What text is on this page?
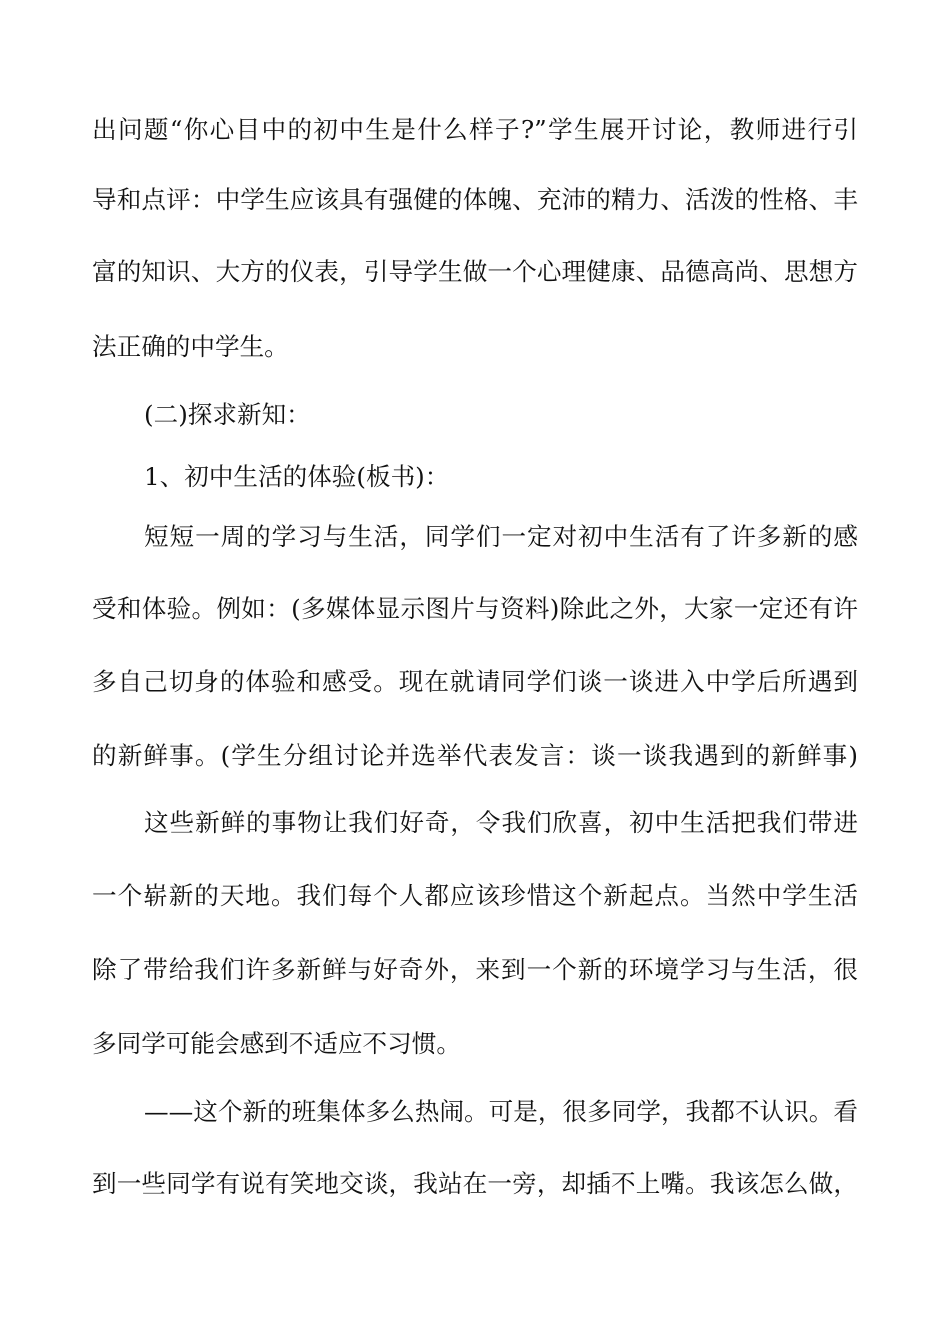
出问题“你心目中的初中生是什么样子?”学生展开讨论，教师进行引
导和点评：中学生应该具有强健的体魄、充沛的精力、活泼的性格、丰
富的知识、大方的仪表，引导学生做一个心理健康、品德高尚、思想方
法正确的中学生。
(二)探求新知：
1、初中生活的体验(板书)：
短短一周的学习与生活，同学们一定对初中生活有了许多新的感
受和体验。例如：(多媒体显示图片与资料)除此之外，大家一定还有许
多自己切身的体验和感受。现在就请同学们谈一谈进入中学后所遇到
的新鲜事。(学生分组讨论并选举代表发言：谈一谈我遇到的新鲜事)
这些新鲜的事物让我们好奇，令我们欣喜，初中生活把我们带进
一个崭新的天地。我们每个人都应该珍惜这个新起点。当然中学生活
除了带给我们许多新鲜与好奇外，来到一个新的环境学习与生活，很
多同学可能会感到不适应不习惯。
——这个新的班集体多么热闹。可是，很多同学，我都不认识。看
到一些同学有说有笑地交谈，我站在一旁，却插不上嘴。我该怎么做，
